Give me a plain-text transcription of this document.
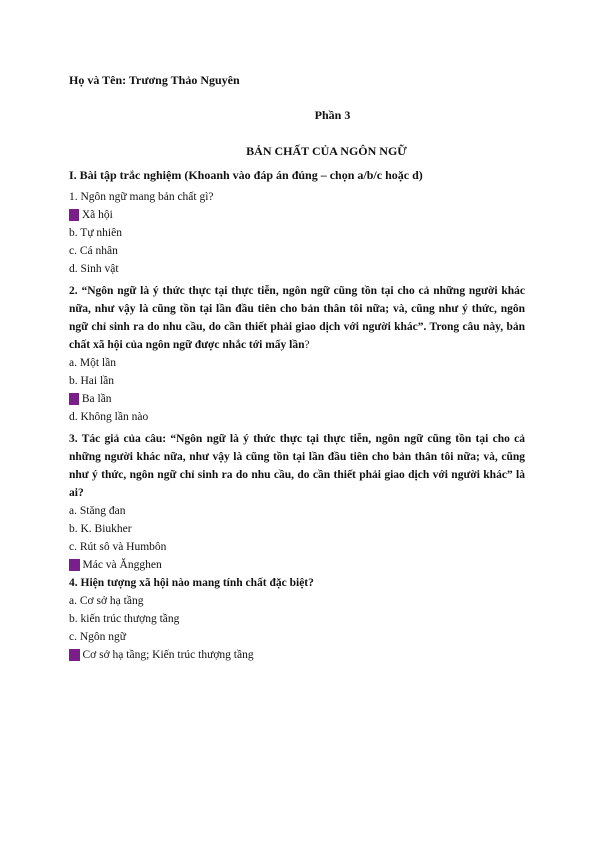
Họ và Tên: Trương Thảo Nguyên
Phần 3
BẢN CHẤT CỦA NGÔN NGỮ

I. Bài tập trắc nghiệm (Khoanh vào đáp án đúng – chọn a/b/c hoặc d)

1. Ngôn ngữ mang bản chất gì?

a. Xã hội

b. Tự nhiên

c. Cá nhân

d. Sinh vật

2. “Ngôn ngữ là ý thức thực tại thực tiễn, ngôn ngữ cũng tồn tại cho cả những người khác nữa, như vậy là cũng tồn tại lần đầu tiên cho bản thân tôi nữa; và, cũng như ý thức, ngôn ngữ chỉ sinh ra do nhu cầu, do cần thiết phải giao dịch với người khác”. Trong câu này, bản chất xã hội của ngôn ngữ được nhắc tới mấy lần?

a. Một lần

b. Hai lần

c. Ba lần

d. Không lần nào

3. Tác giả của câu: “Ngôn ngữ là ý thức thực tại thực tiễn, ngôn ngữ cũng tồn tại cho cả những người khác nữa, như vậy là cũng tồn tại lần đầu tiên cho bản thân tôi nữa; và, cũng như ý thức, ngôn ngữ chỉ sinh ra do nhu cầu, do cần thiết phải giao dịch với người khác” là ai?

a. Stăng đan

b. K. Biukher

c. Rút sô và Humbôn

d. Mác và Ăngghen

4. Hiện tượng xã hội nào mang tính chất đặc biệt?

a. Cơ sở hạ tầng

b. kiến trúc thượng tầng

c. Ngôn ngữ

d. Cơ sở hạ tầng; Kiến trúc thượng tầng
